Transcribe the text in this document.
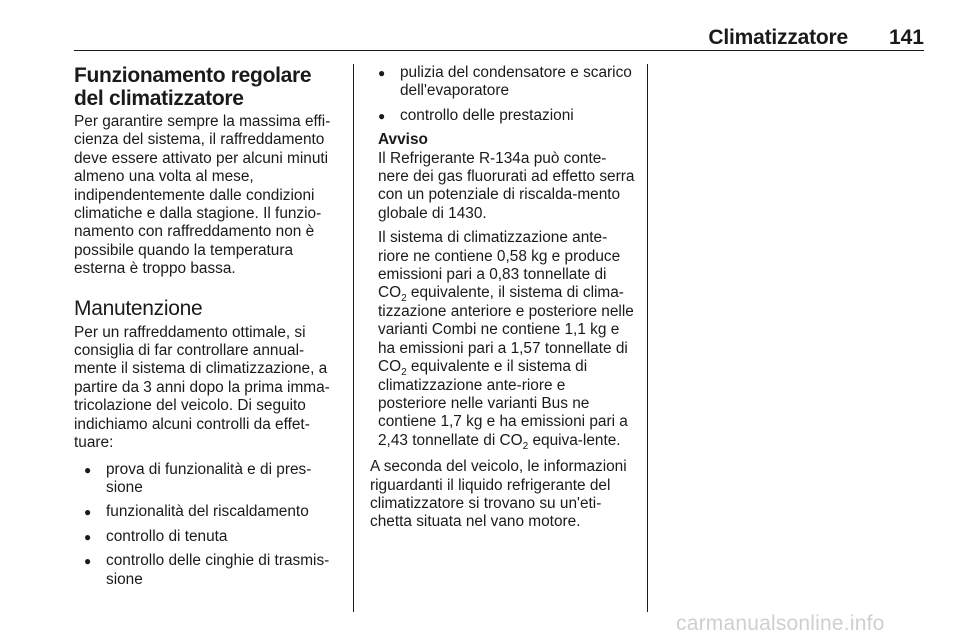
Climatizzatore 141
Funzionamento regolare del climatizzatore

Per garantire sempre la massima effi-cienza del sistema, il raffreddamento deve essere attivato per alcuni minuti almeno una volta al mese, indipendentemente dalle condizioni climatiche e dalla stagione. Il funzio-namento con raffreddamento non è possibile quando la temperatura esterna è troppo bassa.

Manutenzione

Per un raffreddamento ottimale, si consiglia di far controllare annual-mente il sistema di climatizzazione, a partire da 3 anni dopo la prima imma-tricolazione del veicolo. Di seguito indichiamo alcuni controlli da effet-tuare:

● prova di funzionalità e di pres-sione
● funzionalità del riscaldamento
● controllo di tenuta
● controllo delle cinghie di trasmis-sione
● pulizia del condensatore e scarico dell'evaporatore
● controllo delle prestazioni
Avviso

Il Refrigerante R-134a può conte-nere dei gas fluorurati ad effetto serra con un potenziale di riscalda-mento globale di 1430.

Il sistema di climatizzazione ante-riore ne contiene 0,58 kg e produce emissioni pari a 0,83 tonnellate di $CO_2$ equivalente, il sistema di clima-tizzazione anteriore e posteriore nelle varianti Combi ne contiene 1,1 kg e ha emissioni pari a 1,57 tonnellate di $CO_2$ equivalente e il sistema di climatizzazione ante-riore e posteriore nelle varianti Bus ne contiene 1,7 kg e ha emissioni pari a 2,43 tonnellate di $CO_2$ equiva-lente.

A seconda del veicolo, le informazioni riguardanti il liquido refrigerante del climatizzatore si trovano su un'eti-chetta situata nel vano motore.

carmanualsonline.info
